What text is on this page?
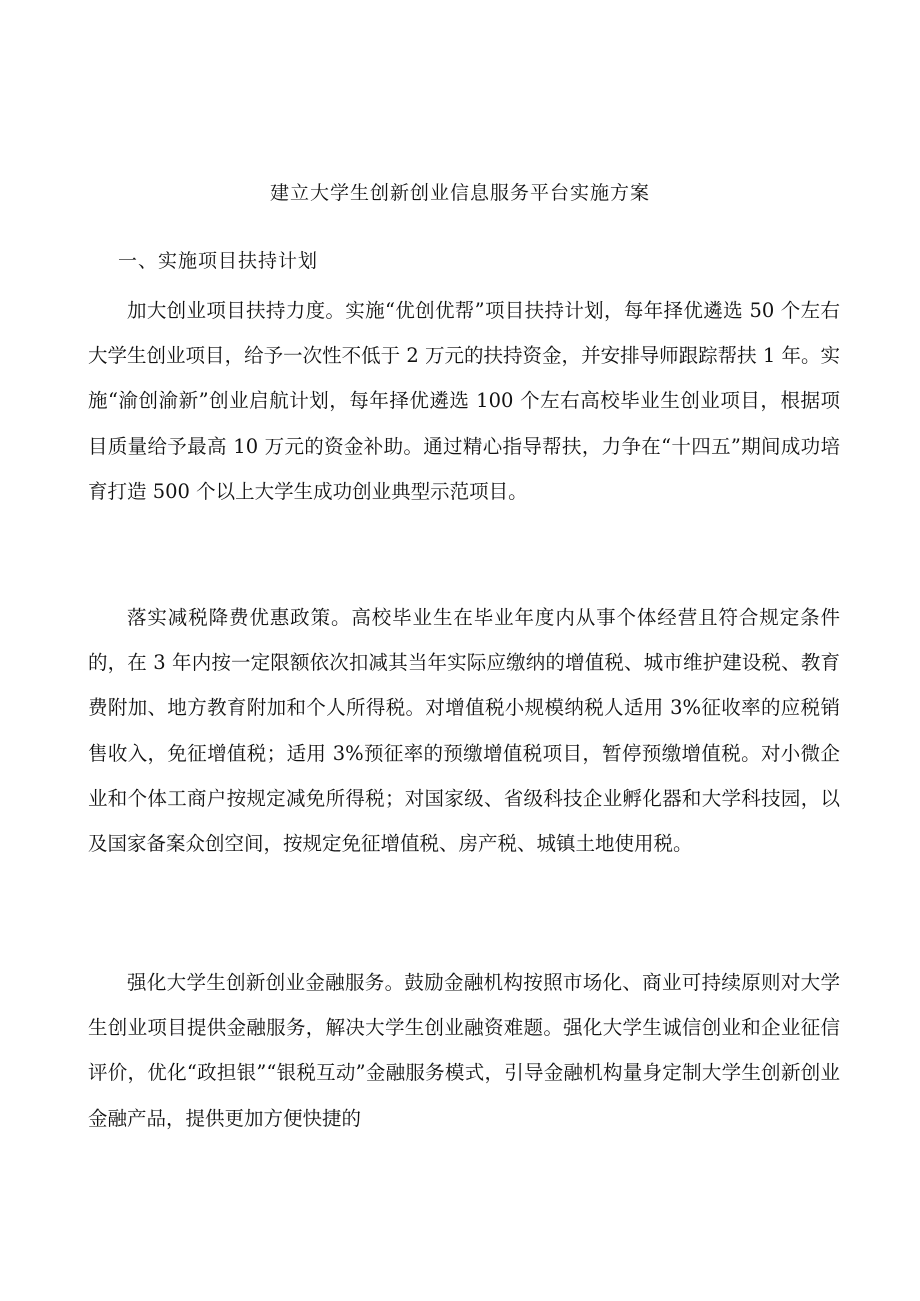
建立大学生创新创业信息服务平台实施方案
一、实施项目扶持计划

加大创业项目扶持力度。实施“优创优帮”项目扶持计划，每年择优遴选 50 个左右大学生创业项目，给予一次性不低于 2 万元的扶持资金，并安排导师跟踪帮扶 1 年。实施“渝创渝新”创业启航计划，每年择优遴选 100 个左右高校毕业生创业项目，根据项目质量给予最高 10 万元的资金补助。通过精心指导帮扶，力争在“十四五”期间成功培育打造 500 个以上大学生成功创业典型示范项目。

落实减税降费优惠政策。高校毕业生在毕业年度内从事个体经营且符合规定条件的，在 3 年内按一定限额依次扣减其当年实际应缴纳的增值税、城市维护建设税、教育费附加、地方教育附加和个人所得税。对增值税小规模纳税人适用 3%征收率的应税销售收入，免征增值税；适用 3%预征率的预缴增值税项目，暂停预缴增值税。对小微企业和个体工商户按规定减免所得税；对国家级、省级科技企业孵化器和大学科技园，以及国家备案众创空间，按规定免征增值税、房产税、城镇土地使用税。

强化大学生创新创业金融服务。鼓励金融机构按照市场化、商业可持续原则对大学生创业项目提供金融服务，解决大学生创业融资难题。强化大学生诚信创业和企业征信评价，优化“政担银”“银税互动”金融服务模式，引导金融机构量身定制大学生创新创业金融产品，提供更加方便快捷的
